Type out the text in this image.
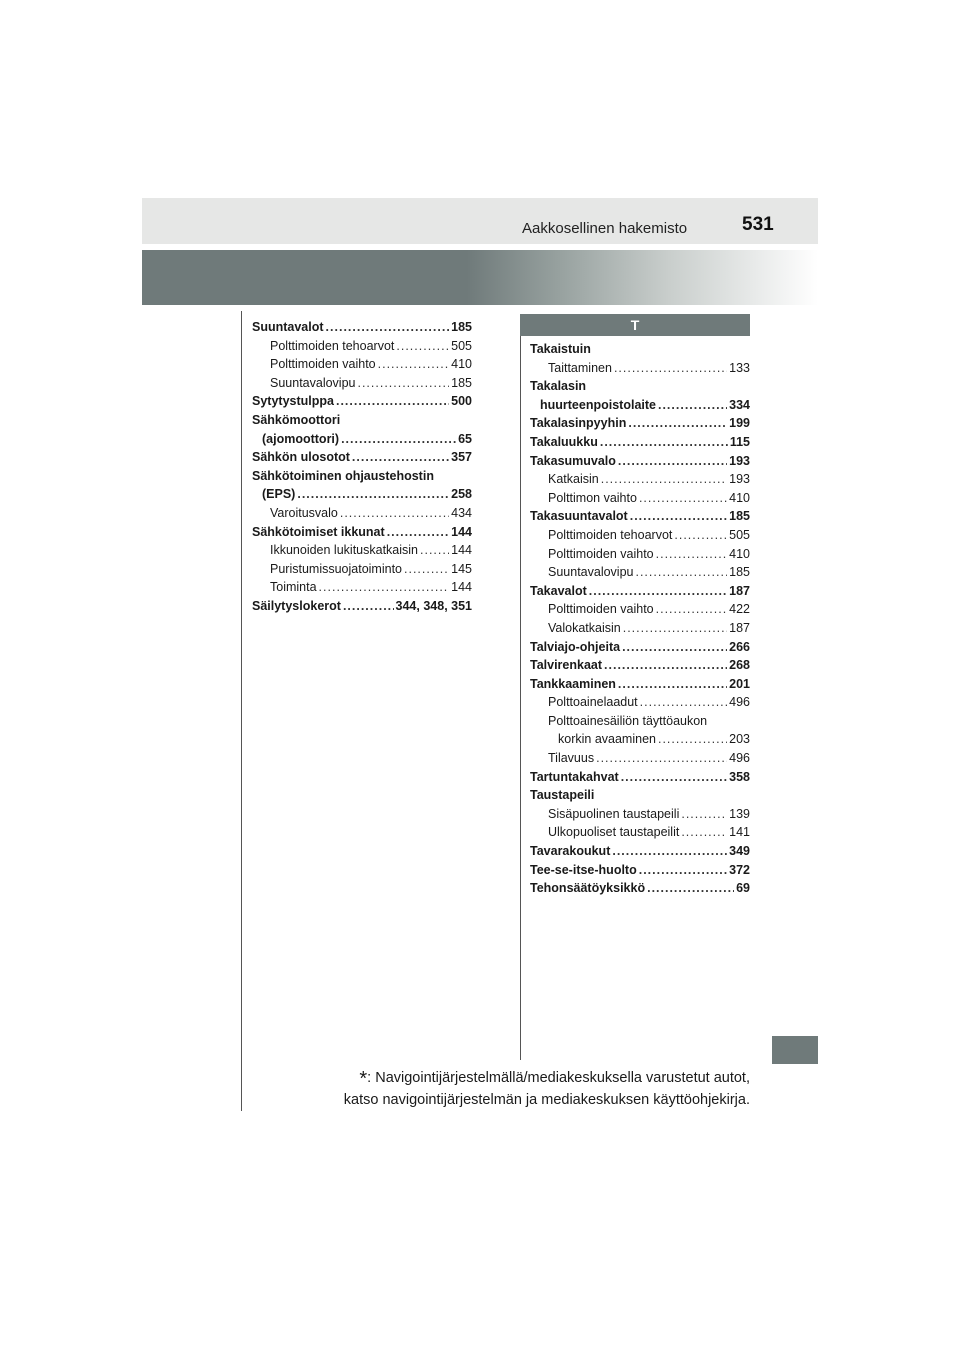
Aakkosellinen hakemisto	531
T
Suuntavalot .....	185
Polttimoiden tehoarvot .....	505
Polttimoiden vaihto .....	410
Suuntavalovipu .....	185
Sytytystulppa .....	500
Sähkömoottori
(ajomoottori) .....	65
Sähkön ulosotot .....	357
Sähkötoiminen ohjaustehostin
(EPS) .....	258
Varoitusvalo .....	434
Sähkötoimiset ikkunat .....	144
Ikkunoiden lukituskatkaisin .....	144
Puristumissuojatoiminto .....	145
Toiminta .....	144
Säilytyslokerot .....	344, 348, 351
Takaistuin
Taittaminen .....	133
Takalasin
huurteenpoistolaite .....	334
Takalasinpyyhin .....	199
Takaluukku .....	115
Takasumuvalo .....	193
Katkaisin .....	193
Polttimon vaihto .....	410
Takasuuntavalot .....	185
Polttimoiden tehoarvot .....	505
Polttimoiden vaihto .....	410
Suuntavalovipu .....	185
Takavalot .....	187
Polttimoiden vaihto .....	422
Valokatkaisin .....	187
Talviajo-ohjeita .....	266
Talvirenkaat .....	268
Tankkaaminen .....	201
Polttoainelaadut .....	496
Polttoainesäiliön täyttöaukon
korkin avaaminen .....	203
Tilavuus .....	496
Tartuntakahvat .....	358
Taustapeili
Sisäpuolinen taustapeili .....	139
Ulkopuoliset taustapeilit .....	141
Tavarakoukut .....	349
Tee-se-itse-huolto .....	372
Tehonsäätöyksikkö .....	69
*: Navigointijärjestelmällä/mediakeskuksella varustetut autot,
katso navigointijärjestelmän ja mediakeskuksen käyttöohjekirja.
